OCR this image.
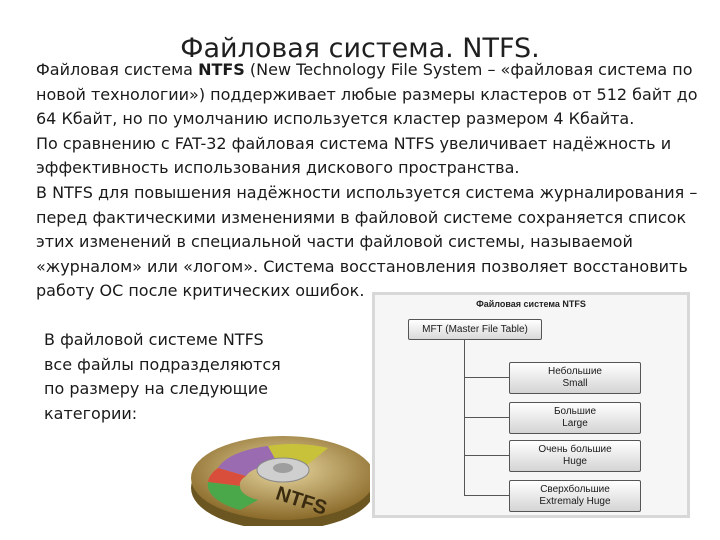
Файловая система. NTFS.

Файловая система NTFS (New Technology File System – «файловая система по новой технологии») поддерживает любые размеры кластеров от 512 байт до 64 Кбайт, но по умолчанию используется кластер размером 4 Кбайта.

По сравнению с FAT-32 файловая система NTFS увеличивает надёжность и эффективность использования дискового пространства.

В NTFS для повышения надёжности используется система журналирования – перед фактическими изменениями в файловой системе сохраняется список этих изменений в специальной части файловой системы, называемой «журналом» или «логом». Система восстановления позволяет восстановить работу ОС после критических ошибок.

В файловой системе NTFS все файлы подразделяются по размеру на следующие категории:
NTFS
Файловая система NTFS
MFT (Master File Table)
Небольшие
Small
Большие
Large
Очень большие
Huge
Сверхбольшие
Extremaly Huge
